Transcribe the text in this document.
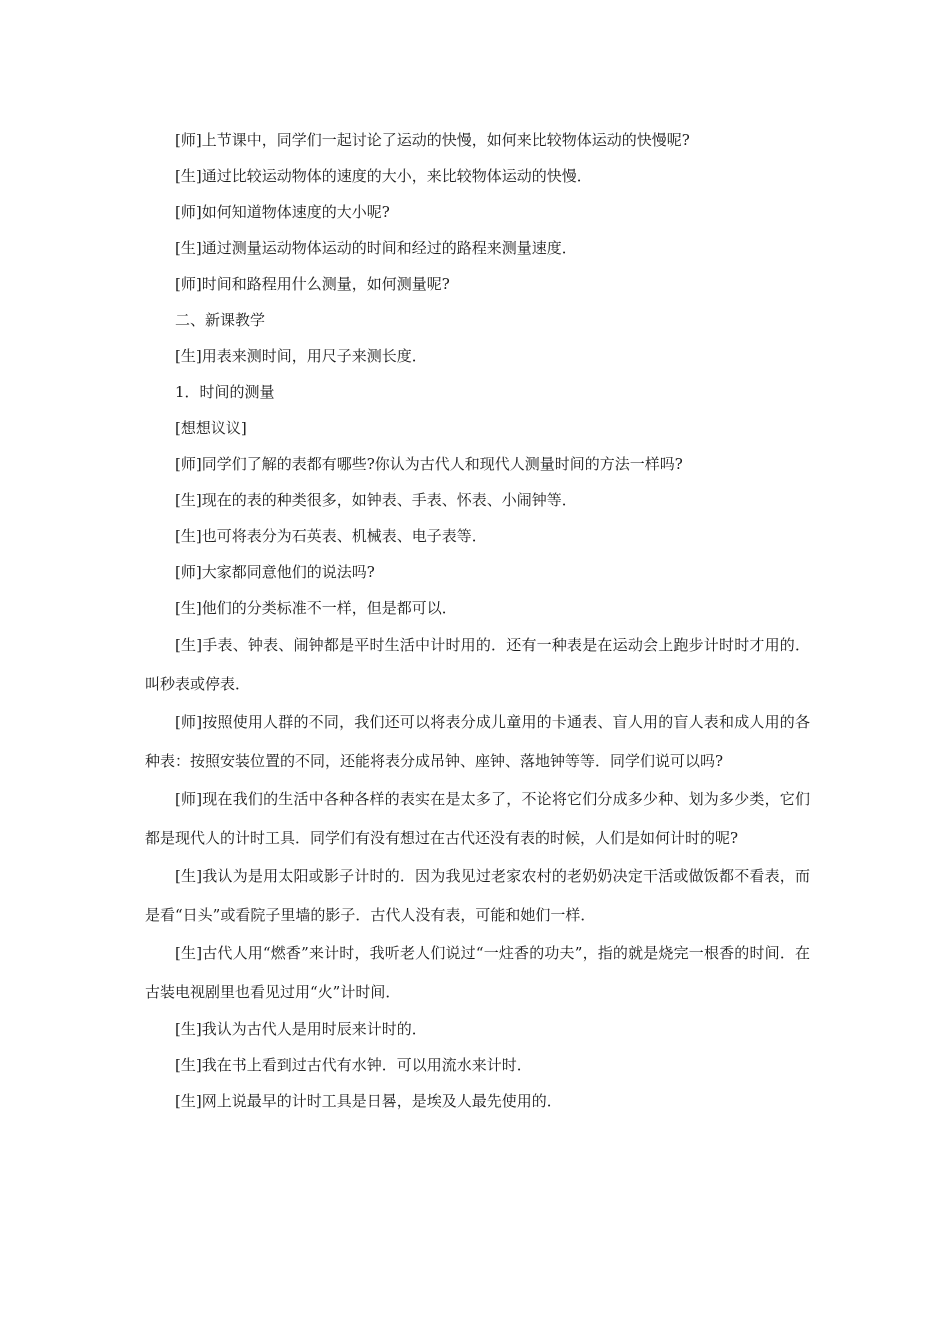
[师]上节课中，同学们一起讨论了运动的快慢，如何来比较物体运动的快慢呢?
[生]通过比较运动物体的速度的大小，来比较物体运动的快慢．
[师]如何知道物体速度的大小呢?
[生]通过测量运动物体运动的时间和经过的路程来测量速度．
[师]时间和路程用什么测量，如何测量呢?
二、新课教学
[生]用表来测时间，用尺子来测长度．
1．时间的测量
[想想议议]
[师]同学们了解的表都有哪些?你认为古代人和现代人测量时间的方法一样吗?
[生]现在的表的种类很多，如钟表、手表、怀表、小闹钟等．
[生]也可将表分为石英表、机械表、电子表等．
[师]大家都同意他们的说法吗?
[生]他们的分类标准不一样，但是都可以．

[生]手表、钟表、闹钟都是平时生活中计时用的．还有一种表是在运动会上跑步计时时才用的．叫秒表或停表．

[师]按照使用人群的不同，我们还可以将表分成儿童用的卡通表、盲人用的盲人表和成人用的各种表：按照安装位置的不同，还能将表分成吊钟、座钟、落地钟等等．同学们说可以吗?

[师]现在我们的生活中各种各样的表实在是太多了，不论将它们分成多少种、划为多少类，它们都是现代人的计时工具．同学们有没有想过在古代还没有表的时候，人们是如何计时的呢?

[生]我认为是用太阳或影子计时的．因为我见过老家农村的老奶奶决定干活或做饭都不看表，而是看“日头”或看院子里墙的影子．古代人没有表，可能和她们一样．

[生]古代人用“燃香”来计时，我听老人们说过“一炷香的功夫”，指的就是烧完一根香的时间．在古装电视剧里也看见过用“火”计时间．

[生]我认为古代人是用时辰来计时的．
[生]我在书上看到过古代有水钟．可以用流水来计时．
[生]网上说最早的计时工具是日晷，是埃及人最先使用的．
